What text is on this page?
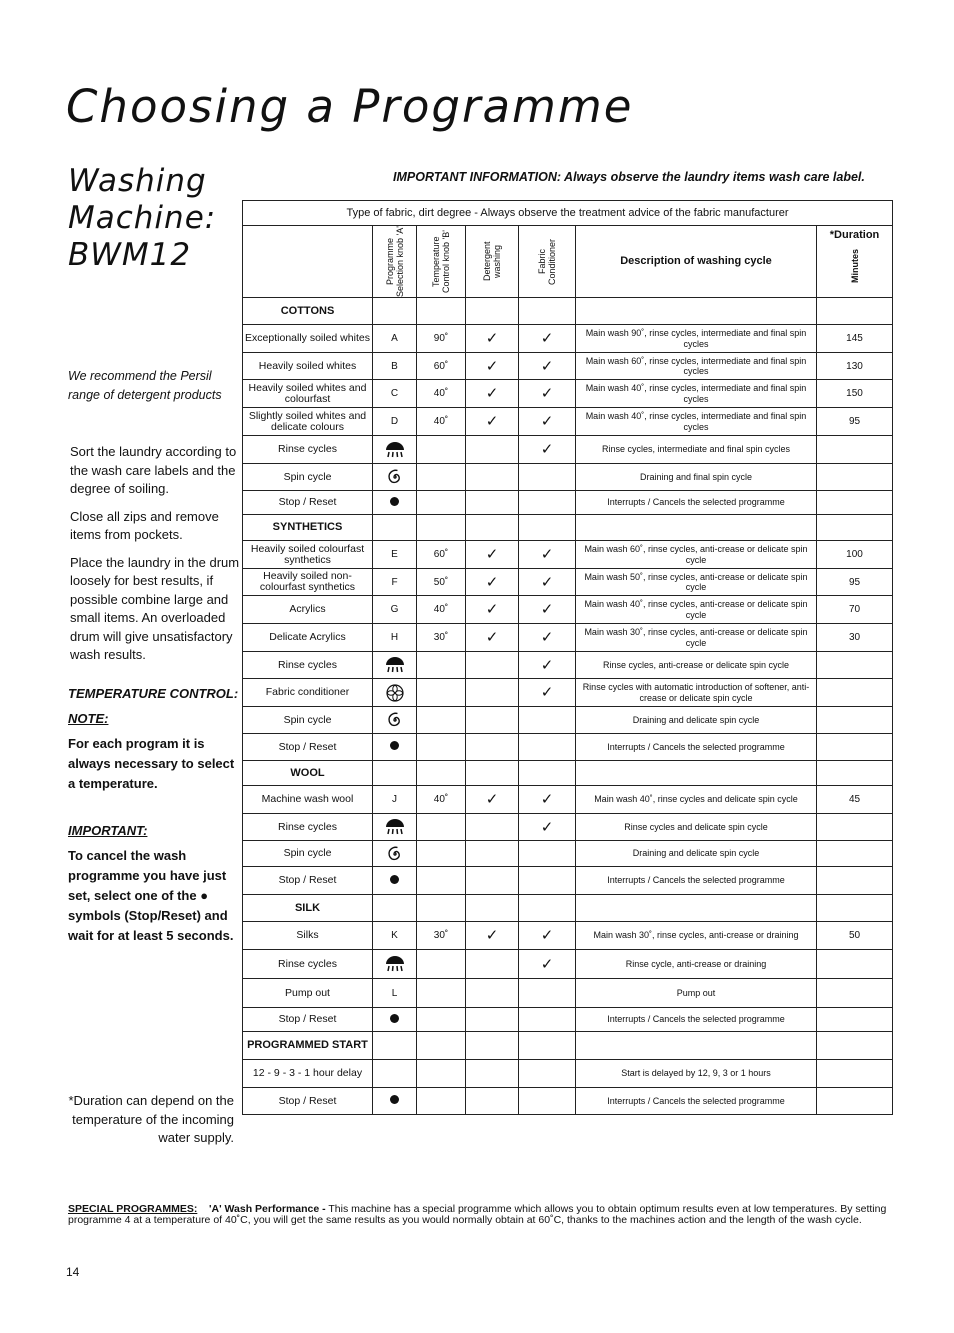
Choosing a Programme
Washing
Machine:
BWM12
IMPORTANT INFORMATION: Always observe the laundry items wash care label.
We recommend the Persil range of detergent products

Sort the laundry according to the wash care labels and the degree of soiling.

Close all zips and remove items from pockets.

Place the laundry in the drum loosely for best results, if possible combine large and small items. An overloaded drum will give unsatisfactory wash results.

TEMPERATURE CONTROL:
NOTE:
For each program it is always necessary to select a temperature.
IMPORTANT:
To cancel the wash programme you have just set, select one of the ● symbols (Stop/Reset) and wait for at least 5 seconds.
*Duration can depend on the temperature of the incoming water supply.
Type of fabric, dirt degree - Always observe the treatment advice of the fabric manufacturer						

	Programme Selection knob 'A'	Temperature Control knob 'B'	Detergent washing	Fabric Conditioner	Description of washing cycle	*Duration
Minutes

COTTONS						
Exceptionally soiled whites	A	90˚	✓	✓	Main wash 90˚, rinse cycles, intermediate and final spin cycles	145
Heavily soiled whites	B	60˚	✓	✓	Main wash 60˚, rinse cycles, intermediate and final spin cycles	130
Heavily soiled whites and colourfast	C	40˚	✓	✓	Main wash 40˚, rinse cycles, intermediate and final spin cycles	150
Slightly soiled whites and delicate colours	D	40˚	✓	✓	Main wash 40˚, rinse cycles, intermediate and final spin cycles	95
Rinse cycles				✓	Rinse cycles, intermediate and final spin cycles	
Spin cycle					Draining and final spin cycle	
Stop / Reset					Interrupts / Cancels the selected programme	
SYNTHETICS						
Heavily soiled colourfast synthetics	E	60˚	✓	✓	Main wash 60˚, rinse cycles, anti-crease or delicate spin cycle	100
Heavily soiled non-colourfast synthetics	F	50˚	✓	✓	Main wash 50˚, rinse cycles, anti-crease or delicate spin cycle	95
Acrylics	G	40˚	✓	✓	Main wash 40˚, rinse cycles, anti-crease or delicate spin cycle	70
Delicate Acrylics	H	30˚	✓	✓	Main wash 30˚, rinse cycles, anti-crease or delicate spin cycle	30
Rinse cycles				✓	Rinse cycles, anti-crease or delicate spin cycle	
Fabric conditioner				✓	Rinse cycles with automatic introduction of softener, anti-crease or delicate spin cycle	
Spin cycle					Draining and delicate spin cycle	
Stop / Reset					Interrupts / Cancels the selected programme	
WOOL						
Machine wash wool	J	40˚	✓	✓	Main wash 40˚, rinse cycles and delicate spin cycle	45
Rinse cycles				✓	Rinse cycles and delicate spin cycle	
Spin cycle					Draining and delicate spin cycle	
Stop / Reset					Interrupts / Cancels the selected programme	
SILK						
Silks	K	30˚	✓	✓	Main wash 30˚, rinse cycles, anti-crease or draining	50
Rinse cycles				✓	Rinse cycle, anti-crease or draining	
Pump out	L				Pump out	
Stop / Reset					Interrupts / Cancels the selected programme	
PROGRAMMED START						
12 - 9 - 3 - 1 hour delay					Start is delayed by 12, 9, 3 or 1 hours	
Stop / Reset					Interrupts / Cancels the selected programme	
SPECIAL PROGRAMMES: 'A' Wash Performance - This machine has a special programme which allows you to obtain optimum results even at low temperatures. By setting programme 4 at a temperature of 40˚C, you will get the same results as you would normally obtain at 60˚C, thanks to the machines action and the length of the wash cycle.
14
